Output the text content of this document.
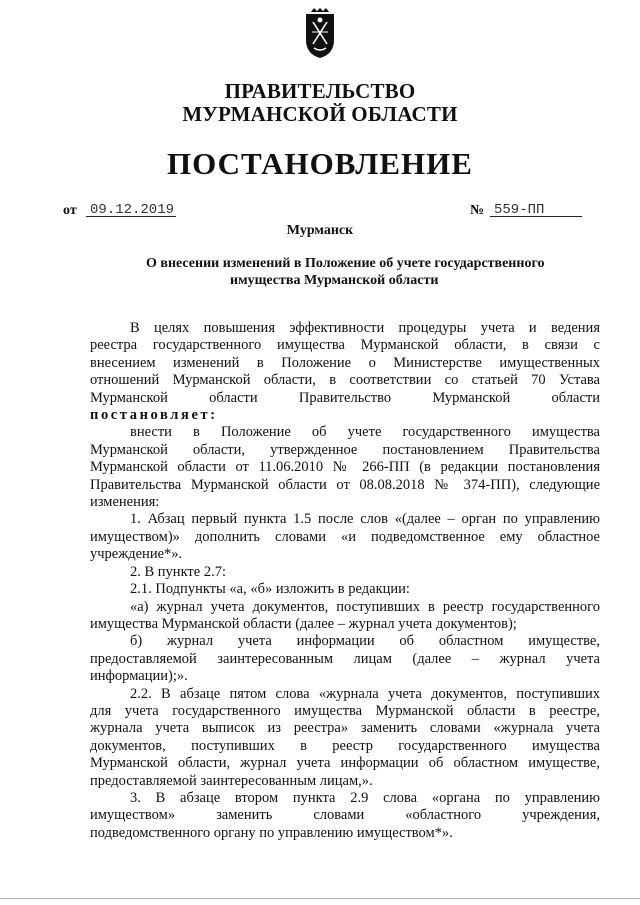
ПРАВИТЕЛЬСТВО
МУРМАНСКОЙ ОБЛАСТИ
ПОСТАНОВЛЕНИЕ
от 09.12.2019	№ 559-ПП
Мурманск
О внесении изменений в Положение об учете государственного
имущества Мурманской области

В целях повышения эффективности процедуры учета и ведения

реестра государственного имущества Мурманской области, в связи с

внесением изменений в Положение о Министерстве имущественных

отношений Мурманской области, в соответствии со статьей 70 Устава

Мурманской области Правительство Мурманской области

постановляет:

внести в Положение об учете государственного имущества

Мурманской области, утвержденное постановлением Правительства

Мурманской области от 11.06.2010 № 266-ПП (в редакции постановления

Правительства Мурманской области от 08.08.2018 № 374-ПП), следующие

изменения:

1. Абзац первый пункта 1.5 после слов «(далее – орган по управлению

имуществом)» дополнить словами «и подведомственное ему областное

учреждение*».

2. В пункте 2.7:

2.1. Подпункты «а, «б» изложить в редакции:

«а) журнал учета документов, поступивших в реестр государственного

имущества Мурманской области (далее – журнал учета документов);

б) журнал учета информации об областном имуществе,

предоставляемой заинтересованным лицам (далее – журнал учета

информации);».

2.2. В абзаце пятом слова «журнала учета документов, поступивших

для учета государственного имущества Мурманской области в реестре,

журнала учета выписок из реестра» заменить словами «журнала учета

документов, поступивших в реестр государственного имущества

Мурманской области, журнал учета информации об областном имуществе,

предоставляемой заинтересованным лицам,».

3. В абзаце втором пункта 2.9 слова «органа по управлению

имуществом» заменить словами «областного учреждения,

подведомственного органу по управлению имуществом*».
